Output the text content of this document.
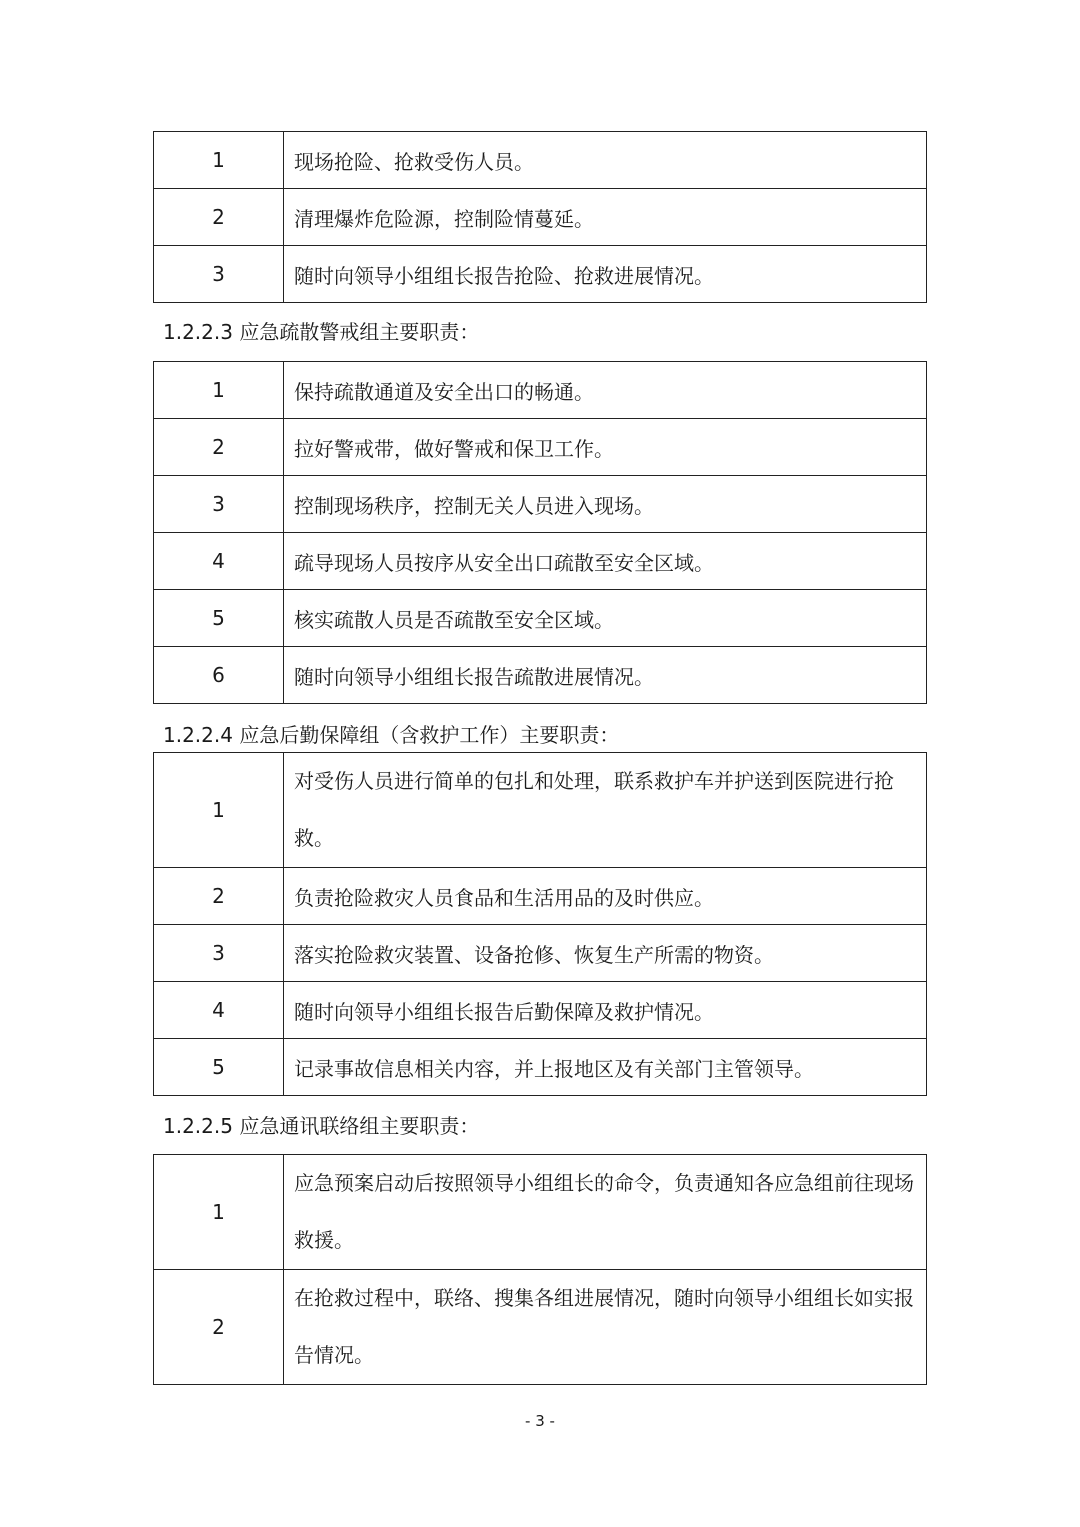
1	现场抢险、抢救受伤人员。
2	清理爆炸危险源，控制险情蔓延。
3	随时向领导小组组长报告抢险、抢救进展情况。
1.2.2.3 应急疏散警戒组主要职责：
1	保持疏散通道及安全出口的畅通。
2	拉好警戒带，做好警戒和保卫工作。
3	控制现场秩序，控制无关人员进入现场。
4	疏导现场人员按序从安全出口疏散至安全区域。
5	核实疏散人员是否疏散至安全区域。
6	随时向领导小组组长报告疏散进展情况。
1.2.2.4 应急后勤保障组（含救护工作）主要职责：
1	对受伤人员进行简单的包扎和处理，联系救护车并护送到医院进行抢救。
2	负责抢险救灾人员食品和生活用品的及时供应。
3	落实抢险救灾装置、设备抢修、恢复生产所需的物资。
4	随时向领导小组组长报告后勤保障及救护情况。
5	记录事故信息相关内容，并上报地区及有关部门主管领导。
1.2.2.5 应急通讯联络组主要职责：
1	应急预案启动后按照领导小组组长的命令，负责通知各应急组前往现场救援。
2	在抢救过程中，联络、搜集各组进展情况，随时向领导小组组长如实报告情况。
- 3 -
